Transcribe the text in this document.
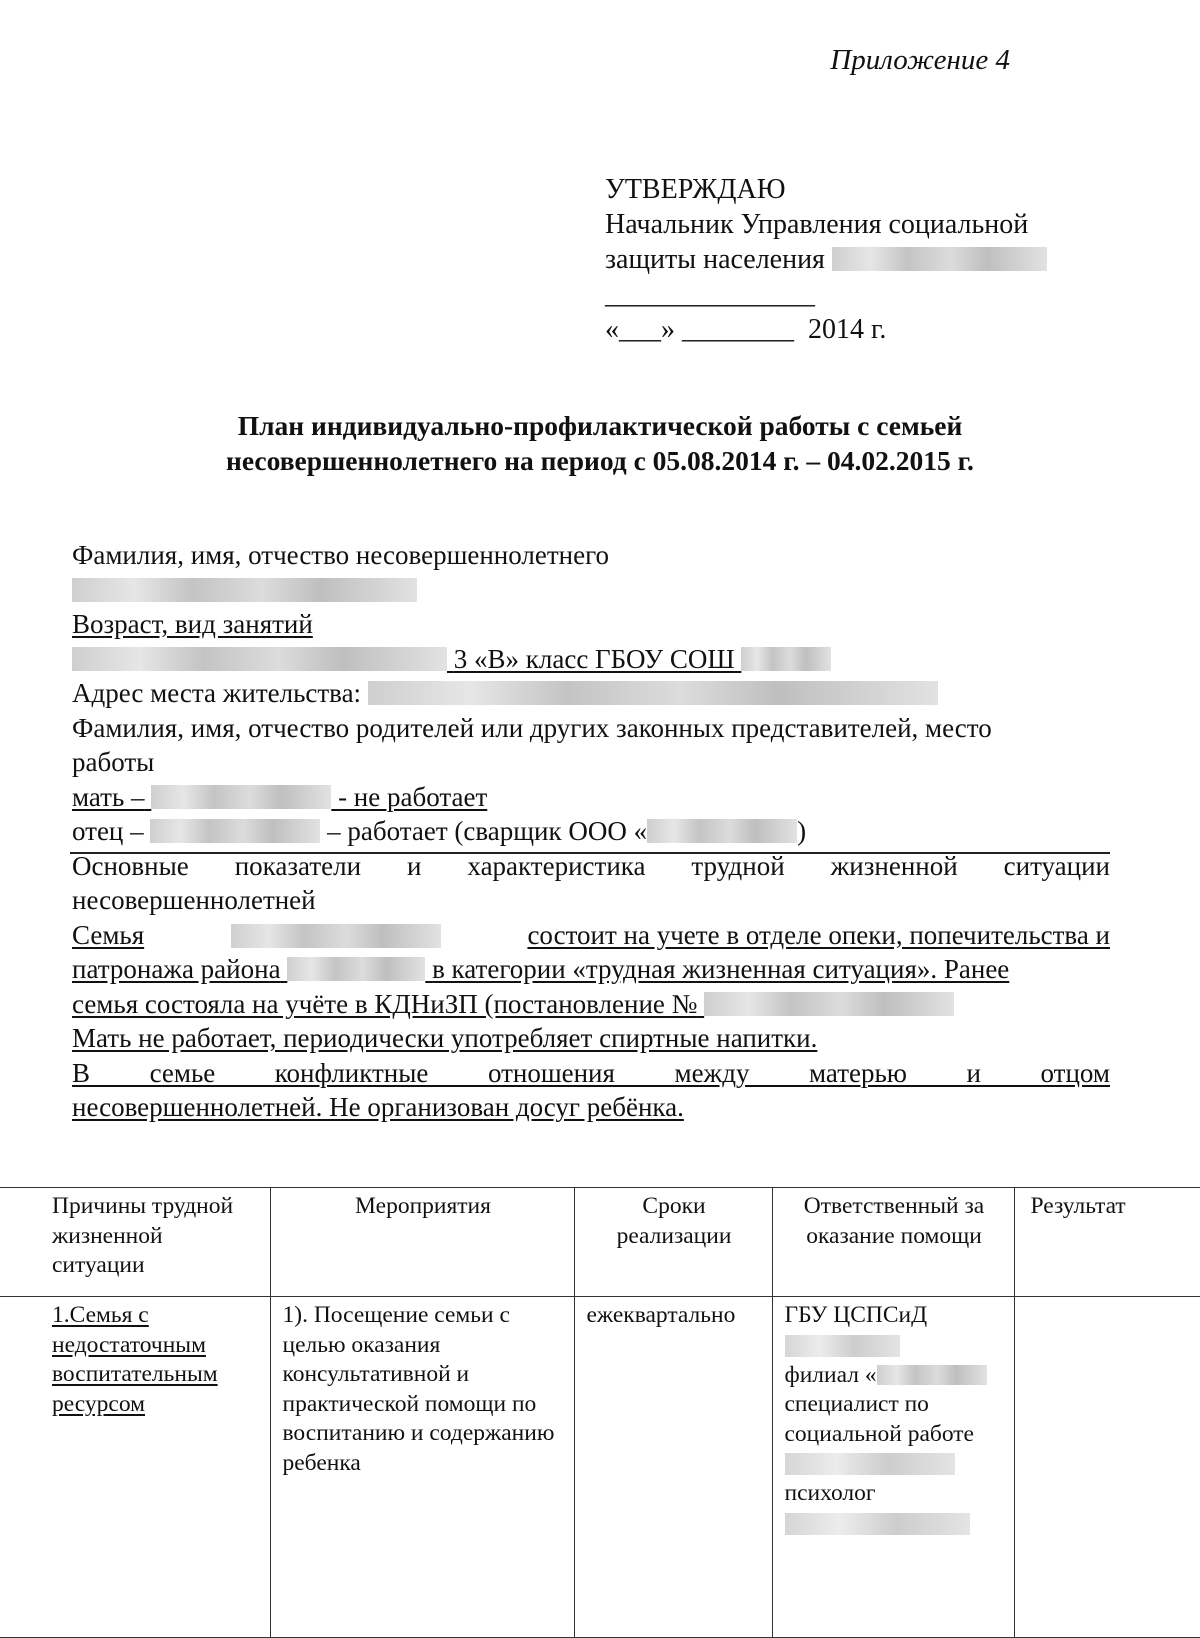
Приложение 4
УТВЕРЖДАЮ
Начальник Управления социальной
защиты населения
_______________
«___» ________ 2014 г.
План индивидуально-профилактической работы с семьей
несовершеннолетнего на период с 05.08.2014 г. – 04.02.2015 г.
Фамилия, имя, отчество несовершеннолетнего
Возраст, вид занятий
3 «В» класс ГБОУ СОШ
Адрес места жительства:
Фамилия, имя, отчество родителей или других законных представителей, место
работы
мать –	- не работает
отец –	– работает (сварщик ООО «	)
Основные показатели и характеристика трудной жизненной ситуации
несовершеннолетней
Семья	состоит на учете в отделе опеки, попечительства и
патронажа района	в категории «трудная жизненная ситуация». Ранее
семья состояла на учёте в КДНиЗП (постановление №
Мать не работает, периодически употребляет спиртные напитки.
В семье конфликтные отношения между матерью и отцом
несовершеннолетней. Не организован досуг ребёнка.
Причины трудной жизненной ситуации	Мероприятия	Сроки реализации	Ответственный за оказание помощи	Результат
1.Семья с недостаточным воспитательным ресурсом	1). Посещение семьи с целью оказания консультативной и практической помощи по воспитанию и содержанию ребенка	ежеквартально	ГБУ ЦСПСиД
филиал «
специалист по социальной работе
психолог	
